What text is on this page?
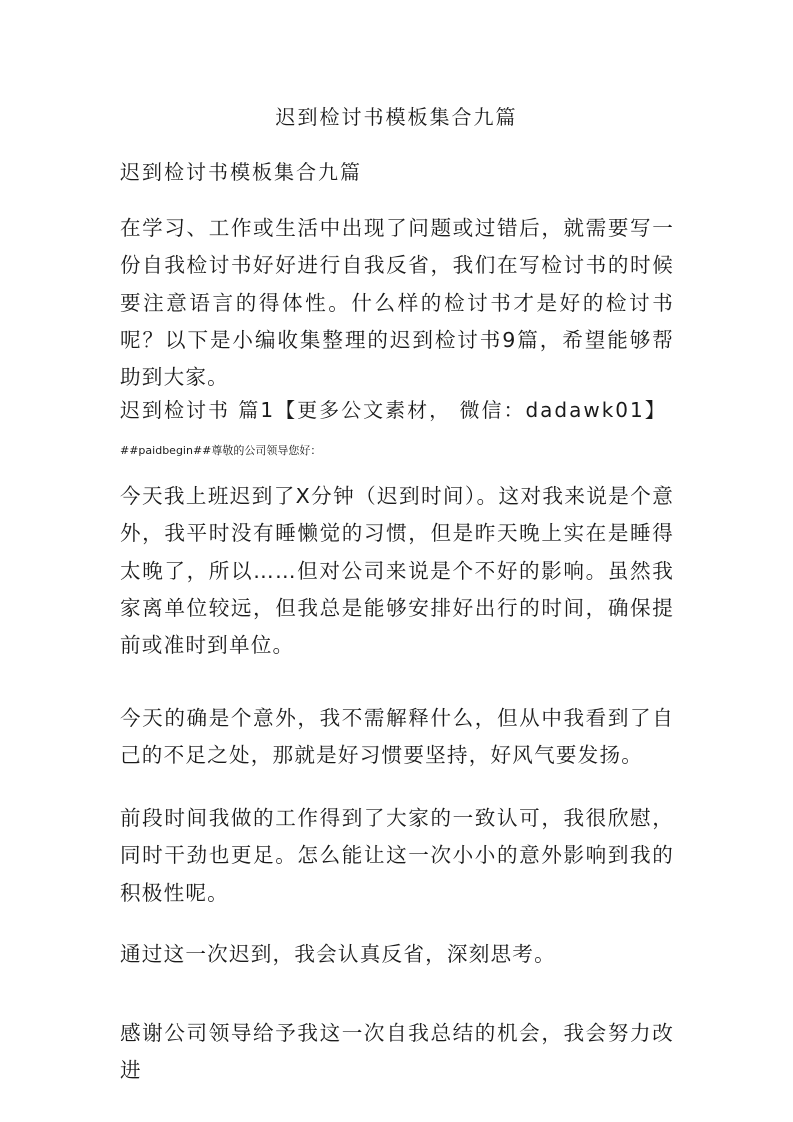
迟到检讨书模板集合九篇
迟到检讨书模板集合九篇

在学习、工作或生活中出现了问题或过错后，就需要写一份自我检讨书好好进行自我反省，我们在写检讨书的时候要注意语言的得体性。什么样的检讨书才是好的检讨书呢？以下是小编收集整理的迟到检讨书9篇，希望能够帮助到大家。

迟到检讨书 篇1【更多公文素材， 微信：dadawk01】
##paidbegin##尊敬的公司领导您好：

今天我上班迟到了X分钟（迟到时间）。这对我来说是个意外，我平时没有睡懒觉的习惯，但是昨天晚上实在是睡得太晚了，所以……但对公司来说是个不好的影响。虽然我家离单位较远，但我总是能够安排好出行的时间，确保提前或准时到单位。

今天的确是个意外，我不需解释什么，但从中我看到了自己的不足之处，那就是好习惯要坚持，好风气要发扬。

前段时间我做的工作得到了大家的一致认可，我很欣慰，同时干劲也更足。怎么能让这一次小小的意外影响到我的积极性呢。

通过这一次迟到，我会认真反省，深刻思考。

感谢公司领导给予我这一次自我总结的机会，我会努力改进
